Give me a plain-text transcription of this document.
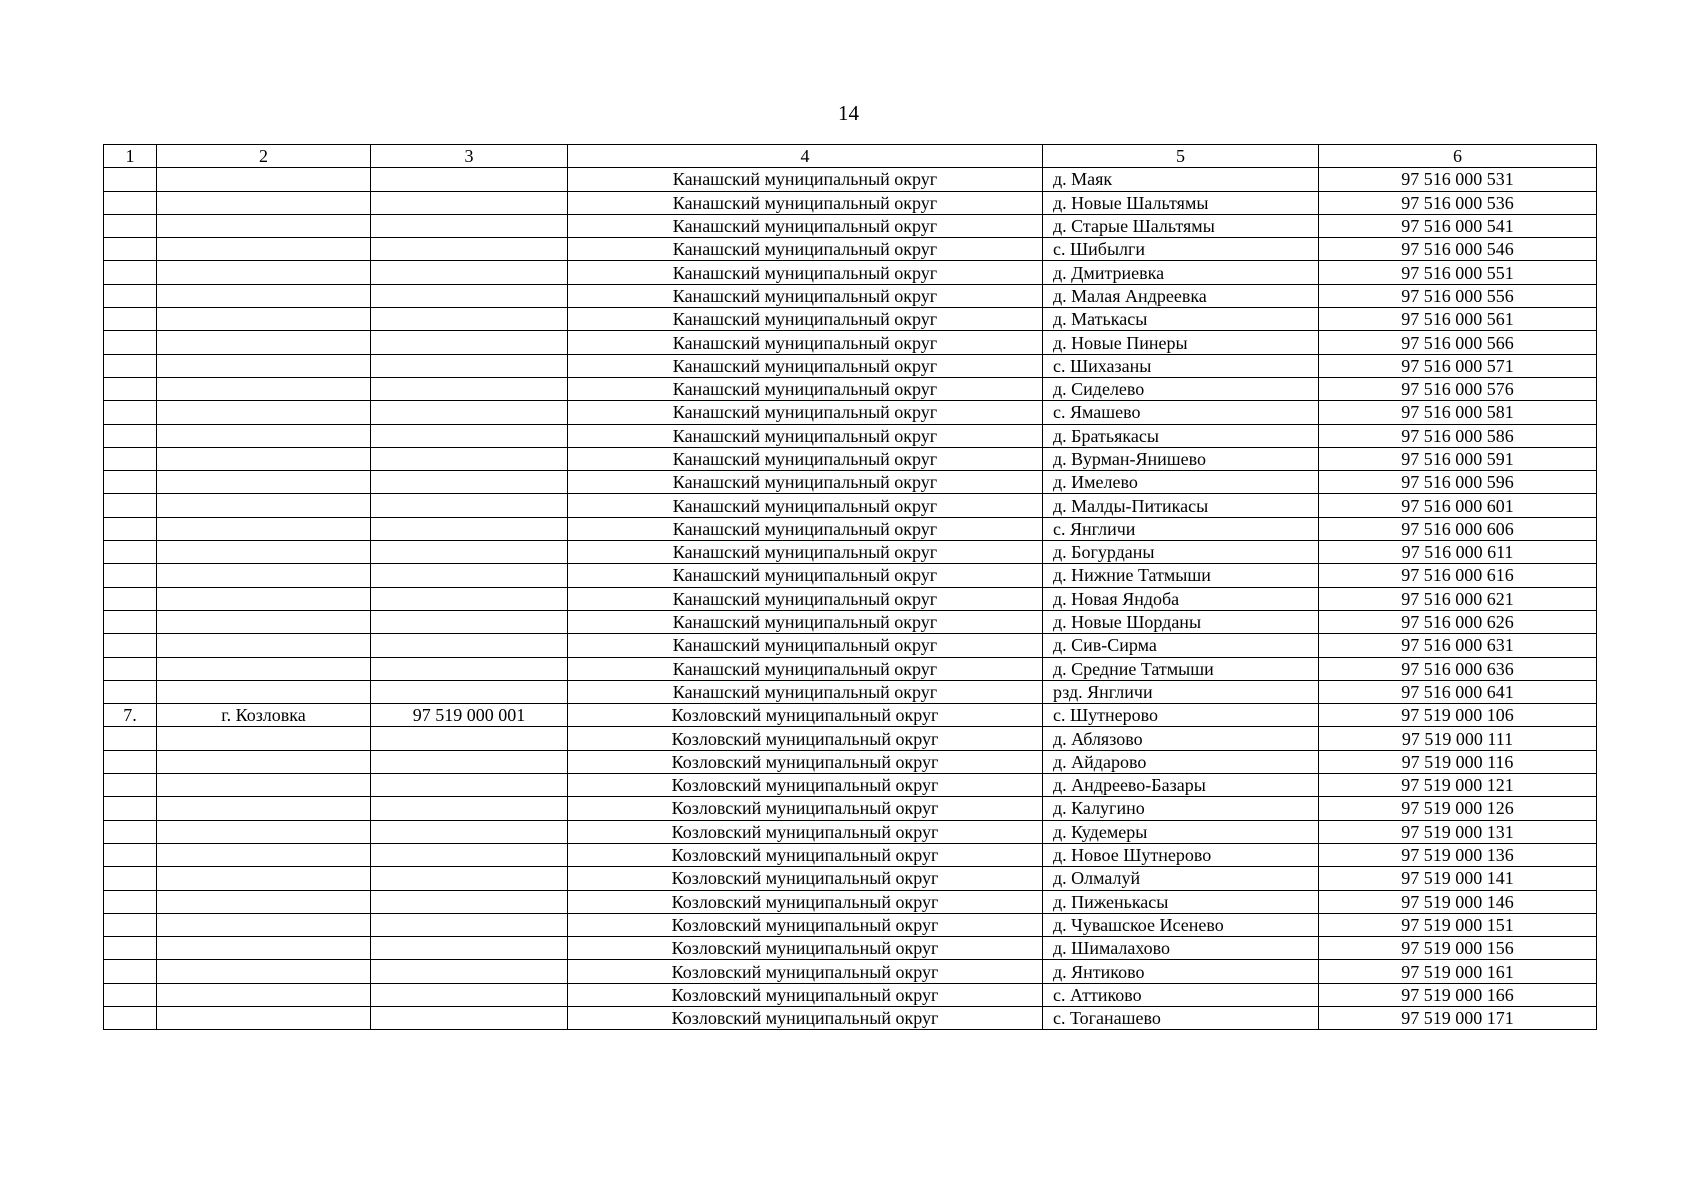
14
1	2	3	4	5	6
			Канашский муниципальный округ	д. Маяк	97 516 000 531
			Канашский муниципальный округ	д. Новые Шальтямы	97 516 000 536
			Канашский муниципальный округ	д. Старые Шальтямы	97 516 000 541
			Канашский муниципальный округ	с. Шибылги	97 516 000 546
			Канашский муниципальный округ	д. Дмитриевка	97 516 000 551
			Канашский муниципальный округ	д. Малая Андреевка	97 516 000 556
			Канашский муниципальный округ	д. Матькасы	97 516 000 561
			Канашский муниципальный округ	д. Новые Пинеры	97 516 000 566
			Канашский муниципальный округ	с. Шихазаны	97 516 000 571
			Канашский муниципальный округ	д. Сиделево	97 516 000 576
			Канашский муниципальный округ	с. Ямашево	97 516 000 581
			Канашский муниципальный округ	д. Братьякасы	97 516 000 586
			Канашский муниципальный округ	д. Вурман-Янишево	97 516 000 591
			Канашский муниципальный округ	д. Имелево	97 516 000 596
			Канашский муниципальный округ	д. Малды-Питикасы	97 516 000 601
			Канашский муниципальный округ	с. Янгличи	97 516 000 606
			Канашский муниципальный округ	д. Богурданы	97 516 000 611
			Канашский муниципальный округ	д. Нижние Татмыши	97 516 000 616
			Канашский муниципальный округ	д. Новая Яндоба	97 516 000 621
			Канашский муниципальный округ	д. Новые Шорданы	97 516 000 626
			Канашский муниципальный округ	д. Сив-Сирма	97 516 000 631
			Канашский муниципальный округ	д. Средние Татмыши	97 516 000 636
			Канашский муниципальный округ	рзд. Янгличи	97 516 000 641
7.	г. Козловка	97 519 000 001	Козловский муниципальный округ	с. Шутнерово	97 519 000 106
			Козловский муниципальный округ	д. Аблязово	97 519 000 111
			Козловский муниципальный округ	д. Айдарово	97 519 000 116
			Козловский муниципальный округ	д. Андреево-Базары	97 519 000 121
			Козловский муниципальный округ	д. Калугино	97 519 000 126
			Козловский муниципальный округ	д. Кудемеры	97 519 000 131
			Козловский муниципальный округ	д. Новое Шутнерово	97 519 000 136
			Козловский муниципальный округ	д. Олмалуй	97 519 000 141
			Козловский муниципальный округ	д. Пиженькасы	97 519 000 146
			Козловский муниципальный округ	д. Чувашское Исенево	97 519 000 151
			Козловский муниципальный округ	д. Шималахово	97 519 000 156
			Козловский муниципальный округ	д. Янтиково	97 519 000 161
			Козловский муниципальный округ	с. Аттиково	97 519 000 166
			Козловский муниципальный округ	с. Тоганашево	97 519 000 171
